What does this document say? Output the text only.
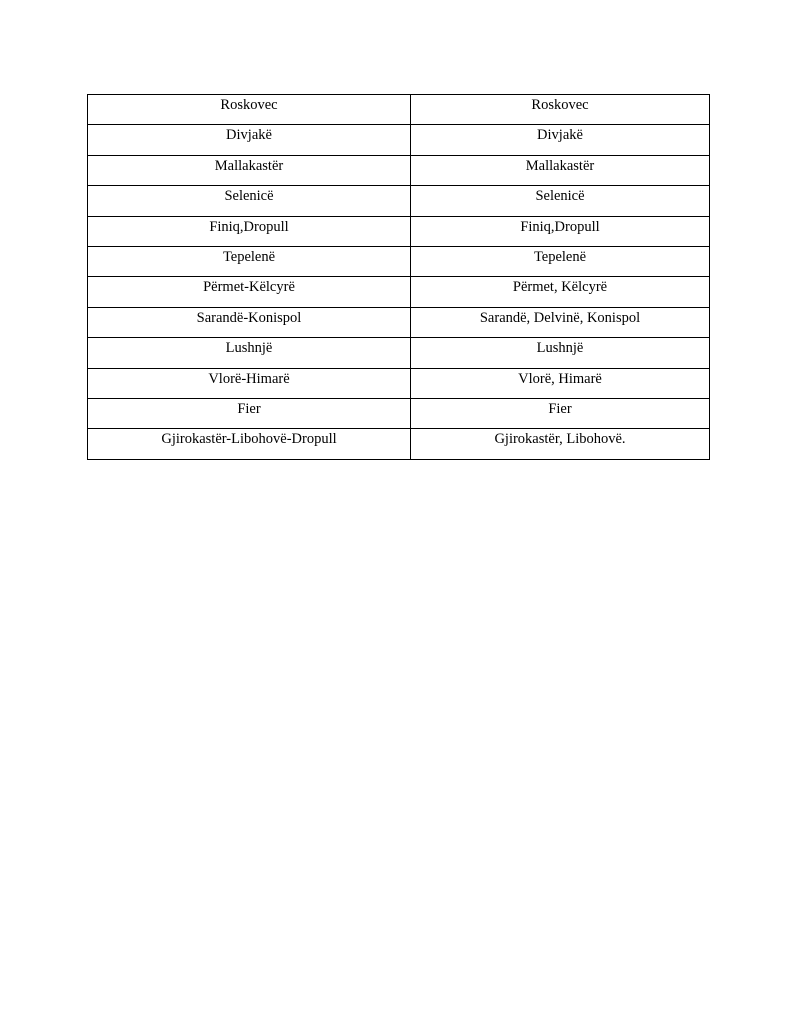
Roskovec	Roskovec
Divjakë	Divjakë
Mallakastër	Mallakastër
Selenicë	Selenicë
Finiq,Dropull	Finiq,Dropull
Tepelenë	Tepelenë
Përmet-Këlcyrë	Përmet, Këlcyrë
Sarandë-Konispol	Sarandë, Delvinë, Konispol
Lushnjë	Lushnjë
Vlorë-Himarë	Vlorë, Himarë
Fier	Fier
Gjirokastër-Libohovë-Dropull	Gjirokastër, Libohovë.
